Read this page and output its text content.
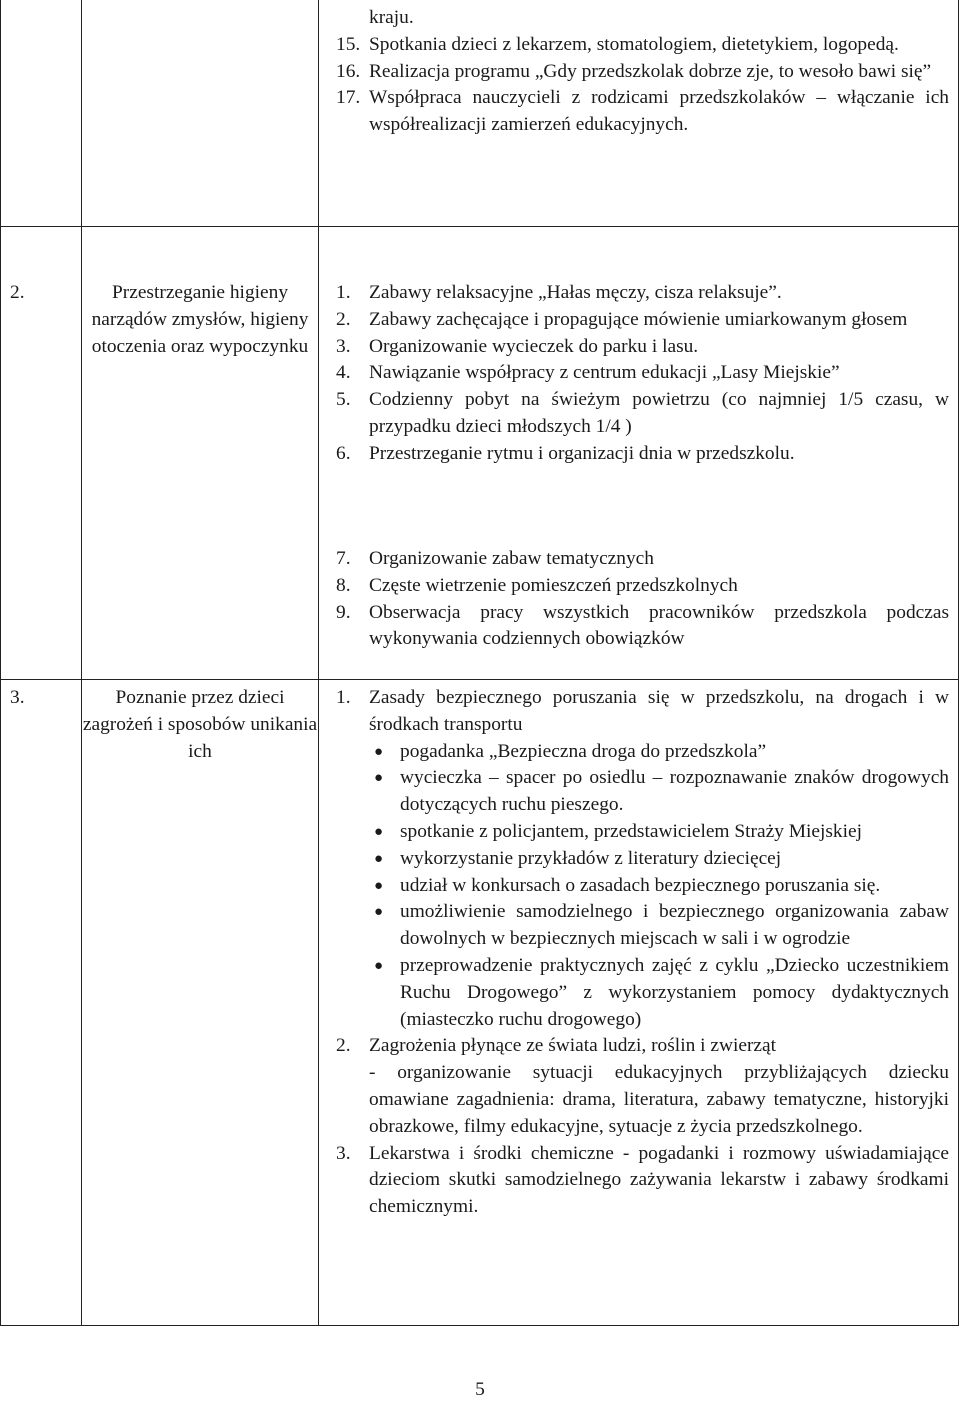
kraju.
15. Spotkania dzieci z lekarzem, stomatologiem, dietetykiem, logopedą.
16. Realizacja programu „Gdy przedszkolak dobrze zje, to wesoło bawi się”
17. Współpraca nauczycieli z rodzicami przedszkolaków – włączanie ich współrealizacji zamierzeń edukacyjnych.
2.	Przestrzeganie higieny narządów zmysłów, higieny otoczenia oraz wypoczynku
1. Zabawy relaksacyjne „Hałas męczy, cisza relaksuje”.
2. Zabawy zachęcające i propagujące mówienie umiarkowanym głosem
3. Organizowanie wycieczek do parku i lasu.
4. Nawiązanie współpracy z centrum edukacji „Lasy Miejskie”
5. Codzienny pobyt na świeżym powietrzu (co najmniej 1/5 czasu, w przypadku dzieci młodszych 1/4 )
6. Przestrzeganie rytmu i organizacji dnia w przedszkolu.
7. Organizowanie zabaw tematycznych
8. Częste wietrzenie pomieszczeń przedszkolnych
9. Obserwacja pracy wszystkich pracowników przedszkola podczas wykonywania codziennych obowiązków
3.	Poznanie przez dzieci zagrożeń i sposobów unikania ich
1. Zasady bezpiecznego poruszania się w przedszkolu, na drogach i w środkach transportu
● pogadanka „Bezpieczna droga do przedszkola”
● wycieczka – spacer po osiedlu – rozpoznawanie znaków drogowych dotyczących ruchu pieszego.
● spotkanie z policjantem, przedstawicielem Straży Miejskiej
● wykorzystanie przykładów z literatury dziecięcej
● udział w konkursach o zasadach bezpiecznego poruszania się.
● umożliwienie samodzielnego i bezpiecznego organizowania zabaw dowolnych w bezpiecznych miejscach w sali i w ogrodzie
● przeprowadzenie praktycznych zajęć z cyklu „Dziecko uczestnikiem Ruchu Drogowego” z wykorzystaniem pomocy dydaktycznych (miasteczko ruchu drogowego)
2. Zagrożenia płynące ze świata ludzi, roślin i zwierząt
- organizowanie sytuacji edukacyjnych przybliżających dziecku omawiane zagadnienia: drama, literatura, zabawy tematyczne, historyjki obrazkowe, filmy edukacyjne, sytuacje z życia przedszkolnego.
3. Lekarstwa i środki chemiczne - pogadanki i rozmowy uświadamiające dzieciom skutki samodzielnego zażywania lekarstw i zabawy środkami chemicznymi.
5
